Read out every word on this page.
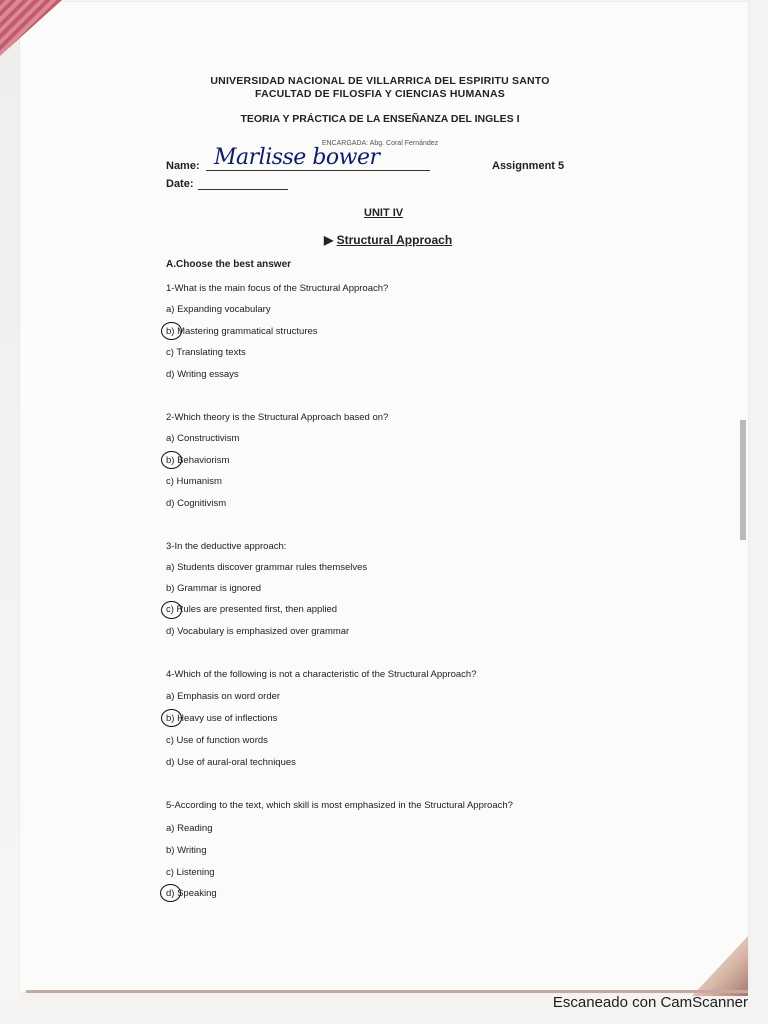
UNIVERSIDAD NACIONAL DE VILLARRICA DEL ESPIRITU SANTO
FACULTAD DE FILOSFIA Y CIENCIAS HUMANAS
TEORIA Y PRÁCTICA DE LA ENSEÑANZA DEL INGLES I
ENCARGADA: Abg. Coral Fernández
Name: Marlisse bower
Date:
Assignment 5
UNIT IV
▶ Structural Approach
A.Choose the best answer
1-What is the main focus of the Structural Approach?
a) Expanding vocabulary
b) Mastering grammatical structures
c) Translating texts
d) Writing essays
2-Which theory is the Structural Approach based on?
a) Constructivism
b) Behaviorism
c) Humanism
d) Cognitivism
3-In the deductive approach:
a) Students discover grammar rules themselves
b) Grammar is ignored
c) Rules are presented first, then applied
d) Vocabulary is emphasized over grammar
4-Which of the following is not a characteristic of the Structural Approach?
a) Emphasis on word order
b) Heavy use of inflections
c) Use of function words
d) Use of aural-oral techniques
5-According to the text, which skill is most emphasized in the Structural Approach?
a) Reading
b) Writing
c) Listening
d) Speaking
Escaneado con CamScanner
